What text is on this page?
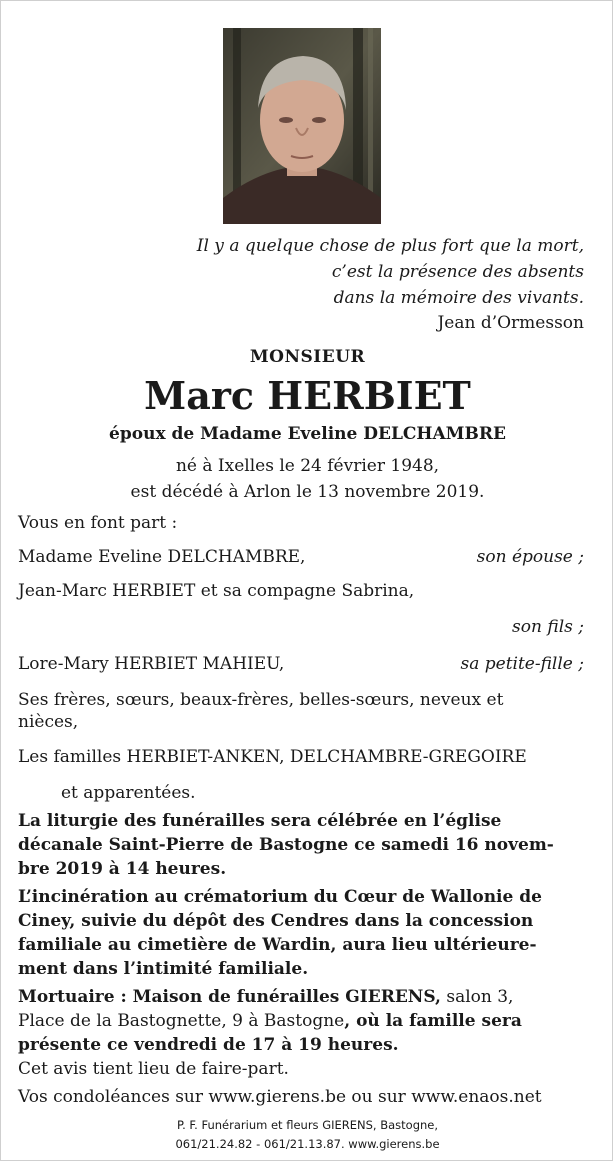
Il y a quelque chose de plus fort que la mort,
c’est la présence des absents
dans la mémoire des vivants.
Jean d’Ormesson
MONSIEUR
Marc HERBIET
époux de Madame Eveline DELCHAMBRE
né à Ixelles le 24 février 1948,
est décédé à Arlon le 13 novembre 2019.
Vous en font part :
Madame Eveline DELCHAMBRE,	son épouse ;
Jean-Marc HERBIET et sa compagne Sabrina,
son fils ;
Lore-Mary HERBIET MAHIEU,	sa petite-fille ;
Ses frères, sœurs, beaux-frères, belles-sœurs, neveux et
nièces,
Les familles HERBIET-ANKEN, DELCHAMBRE-GREGOIRE
et apparentées.
La liturgie des funérailles sera célébrée en l’église
décanale Saint-Pierre de Bastogne ce samedi 16 novem-
bre 2019 à 14 heures.
L’incinération au crématorium du Cœur de Wallonie de
Ciney, suivie du dépôt des Cendres dans la concession
familiale au cimetière de Wardin, aura lieu ultérieure-
ment dans l’intimité familiale.
Mortuaire : Maison de funérailles GIERENS, salon 3,
Place de la Bastognette, 9 à Bastogne, où la famille sera
présente ce vendredi de 17 à 19 heures.
Cet avis tient lieu de faire-part.
Vos condoléances sur www.gierens.be ou sur www.enaos.net
P. F. Funérarium et fleurs GIERENS, Bastogne,
061/21.24.82 - 061/21.13.87. www.gierens.be
